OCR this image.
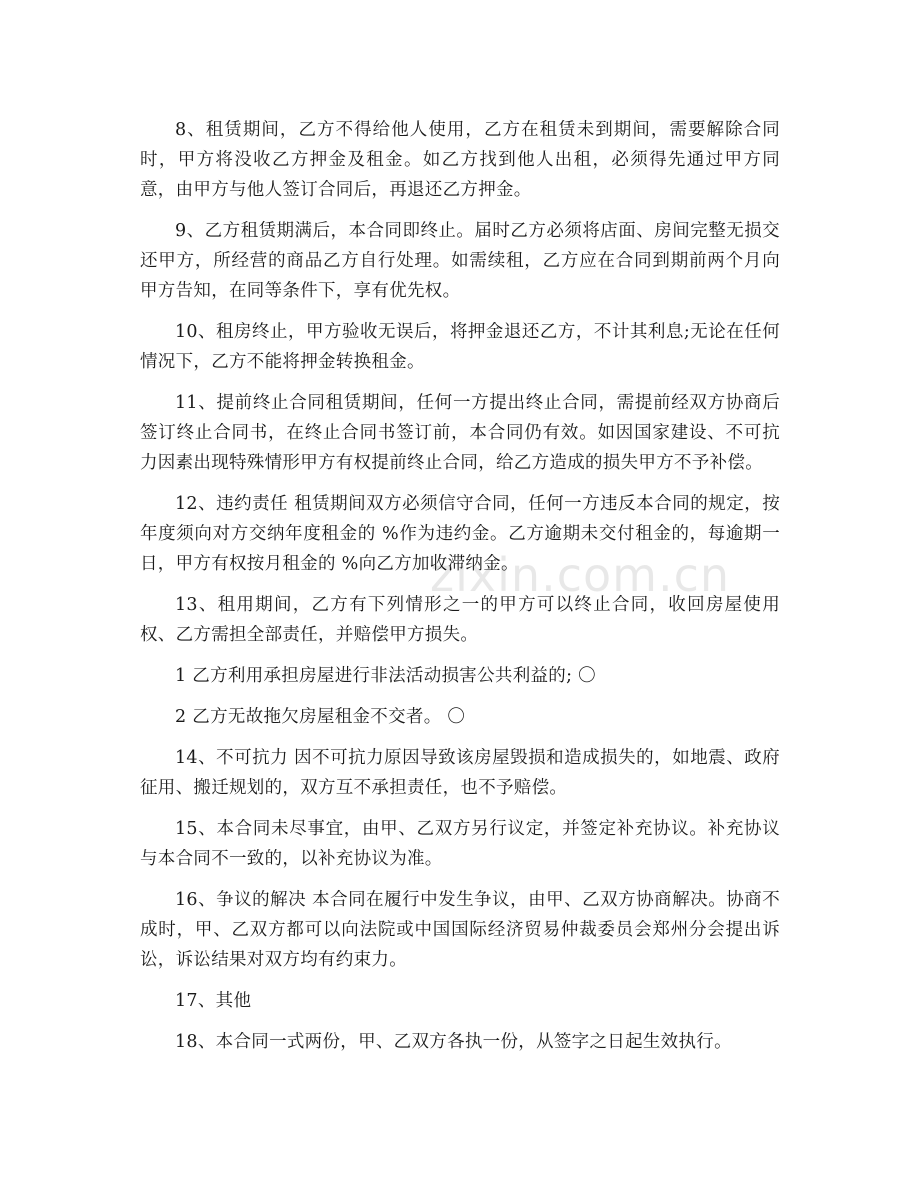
8、租赁期间，乙方不得给他人使用，乙方在租赁未到期间，需要解除合同时，甲方将没收乙方押金及租金。如乙方找到他人出租，必须得先通过甲方同意，由甲方与他人签订合同后，再退还乙方押金。

9、乙方租赁期满后，本合同即终止。届时乙方必须将店面、房间完整无损交还甲方，所经营的商品乙方自行处理。如需续租，乙方应在合同到期前两个月向甲方告知，在同等条件下，享有优先权。

10、租房终止，甲方验收无误后，将押金退还乙方，不计其利息;无论在任何情况下，乙方不能将押金转换租金。

11、提前终止合同租赁期间，任何一方提出终止合同，需提前经双方协商后签订终止合同书，在终止合同书签订前，本合同仍有效。如因国家建设、不可抗力因素出现特殊情形甲方有权提前终止合同，给乙方造成的损失甲方不予补偿。

12、违约责任 租赁期间双方必须信守合同，任何一方违反本合同的规定，按年度须向对方交纳年度租金的 %作为违约金。乙方逾期未交付租金的，每逾期一日，甲方有权按月租金的 %向乙方加收滞纳金。

13、租用期间，乙方有下列情形之一的甲方可以终止合同，收回房屋使用权、乙方需担全部责任，并赔偿甲方损失。

1 乙方利用承担房屋进行非法活动损害公共利益的; 〇

2 乙方无故拖欠房屋租金不交者。 〇

14、不可抗力 因不可抗力原因导致该房屋毁损和造成损失的，如地震、政府征用、搬迁规划的，双方互不承担责任，也不予赔偿。

15、本合同未尽事宜，由甲、乙双方另行议定，并签定补充协议。补充协议与本合同不一致的，以补充协议为准。

16、争议的解决 本合同在履行中发生争议，由甲、乙双方协商解决。协商不成时，甲、乙双方都可以向法院或中国国际经济贸易仲裁委员会郑州分会提出诉讼，诉讼结果对双方均有约束力。

17、其他

18、本合同一式两份，甲、乙双方各执一份，从签字之日起生效执行。

zixin.com.cn
